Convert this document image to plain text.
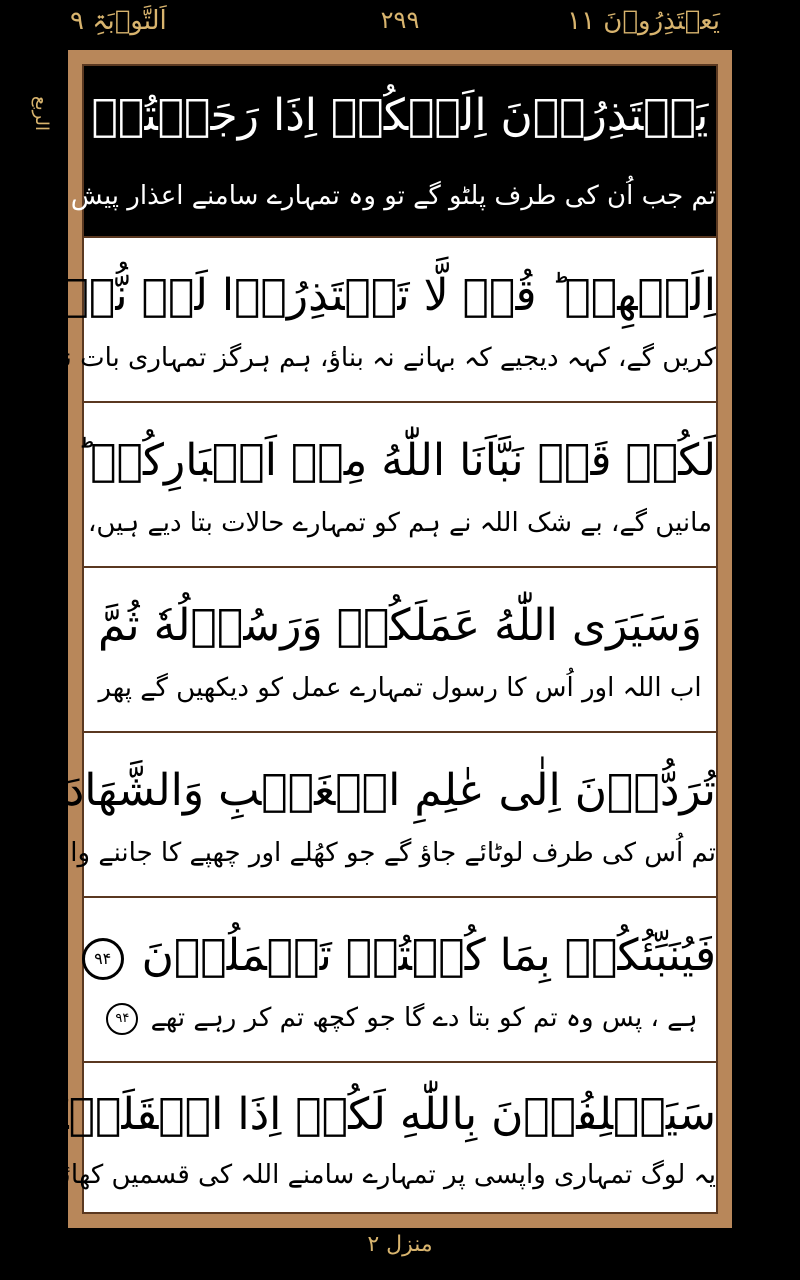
يَعۡتَذِرُوۡنَ ۱۱
۲۹۹
اَلتَّوۡبَۃِ ۹
الربع يَعۡتَذِرُوۡنَ اِلَيۡكُمۡ اِذَا رَجَعۡتُمۡ
تم جب اُن کی طرف پلٹو گے تو وہ تمہارے سامنے اعذار پیش
اِلَيۡهِمۡ ؕ قُلۡ لَّا تَعۡتَذِرُوۡا لَنۡ نُّؤۡمِنَ
کریں گے، کہہ دیجیے کہ بہانے نہ بناؤ، ہم ہرگز تمہاری بات نہ
لَكُمۡ قَدۡ نَبَّاَنَا اللّٰهُ مِنۡ اَخۡبَارِكُمۡ ؕ
مانیں گے، بے شک اللہ نے ہم کو تمہارے حالات بتا دیے ہیں،
وَسَيَرَى اللّٰهُ عَمَلَكُمۡ وَرَسُوۡلُهٗ ثُمَّ
اب اللہ اور اُس کا رسول تمہارے عمل کو دیکھیں گے پھر
تُرَدُّوۡنَ اِلٰى عٰلِمِ الۡغَيۡبِ وَالشَّهَادَةِ
تم اُس کی طرف لوٹائے جاؤ گے جو کھُلے اور چھپے کا جاننے والا
فَيُنَبِّئُكُمۡ بِمَا كُنۡتُمۡ تَعۡمَلُوۡنَ ۹۴
ہے ، پس وہ تم کو بتا دے گا جو کچھ تم کر رہے تھے ۹۴
سَيَحۡلِفُوۡنَ بِاللّٰهِ لَكُمۡ اِذَا انۡقَلَبۡتُمۡ
یہ لوگ تمہاری واپسی پر تمہارے سامنے اللہ کی قسمیں کھائیں گے
منزل ۲
